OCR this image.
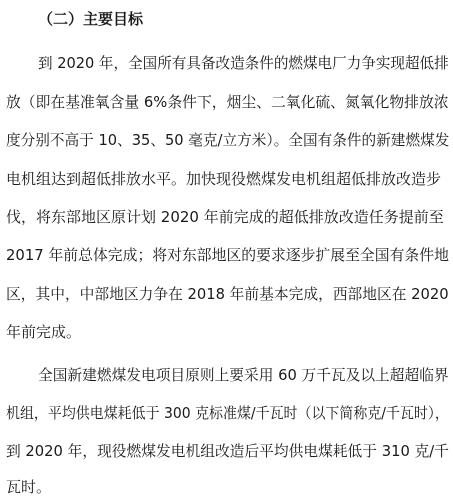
（二）主要目标
到 2020 年，全国所有具备改造条件的燃煤电厂力争实现超低排
放（即在基准氧含量 6%条件下，烟尘、二氧化硫、氮氧化物排放浓
度分别不高于 10、35、50 毫克/立方米）。全国有条件的新建燃煤发
电机组达到超低排放水平。加快现役燃煤发电机组超低排放改造步
伐，将东部地区原计划 2020 年前完成的超低排放改造任务提前至
2017 年前总体完成；将对东部地区的要求逐步扩展至全国有条件地
区，其中，中部地区力争在 2018 年前基本完成，西部地区在 2020
年前完成。
全国新建燃煤发电项目原则上要采用 60 万千瓦及以上超超临界
机组，平均供电煤耗低于 300 克标准煤/千瓦时（以下简称克/千瓦时），
到 2020 年，现役燃煤发电机组改造后平均供电煤耗低于 310 克/千
瓦时。
